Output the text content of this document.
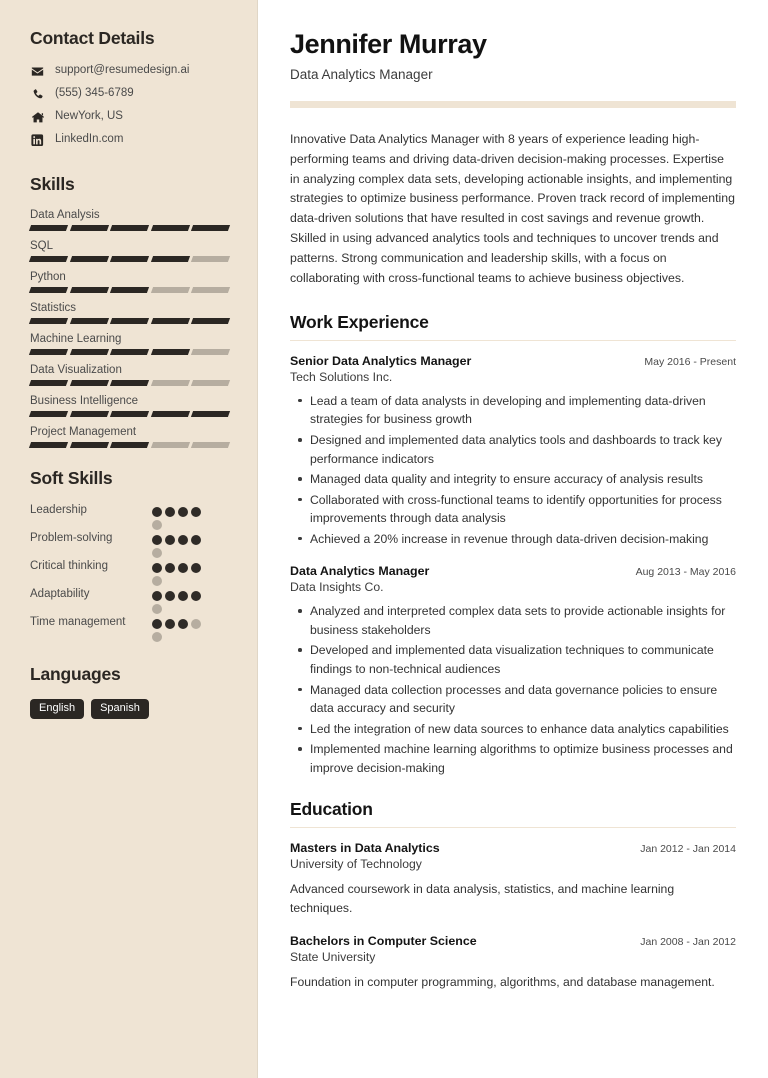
Contact Details
support@resumedesign.ai
(555) 345-6789
NewYork, US
LinkedIn.com
Skills
Data Analysis
SQL
Python
Statistics
Machine Learning
Data Visualization
Business Intelligence
Project Management
Soft Skills
Leadership
Problem-solving
Critical thinking
Adaptability
Time management
Languages
English	Spanish
Jennifer Murray
Data Analytics Manager

Innovative Data Analytics Manager with 8 years of experience leading high-performing teams and driving data-driven decision-making processes. Expertise in analyzing complex data sets, developing actionable insights, and implementing strategies to optimize business performance. Proven track record of implementing data-driven solutions that have resulted in cost savings and revenue growth. Skilled in using advanced analytics tools and techniques to uncover trends and patterns. Strong communication and leadership skills, with a focus on collaborating with cross-functional teams to achieve business objectives.

Work Experience
Senior Data Analytics Manager	May 2016 - Present
Tech Solutions Inc.
Lead a team of data analysts in developing and implementing data-driven strategies for business growth
Designed and implemented data analytics tools and dashboards to track key performance indicators
Managed data quality and integrity to ensure accuracy of analysis results
Collaborated with cross-functional teams to identify opportunities for process improvements through data analysis
Achieved a 20% increase in revenue through data-driven decision-making
Data Analytics Manager	Aug 2013 - May 2016
Data Insights Co.
Analyzed and interpreted complex data sets to provide actionable insights for business stakeholders
Developed and implemented data visualization techniques to communicate findings to non-technical audiences
Managed data collection processes and data governance policies to ensure data accuracy and security
Led the integration of new data sources to enhance data analytics capabilities
Implemented machine learning algorithms to optimize business processes and improve decision-making
Education
Masters in Data Analytics	Jan 2012 - Jan 2014
University of Technology
Advanced coursework in data analysis, statistics, and machine learning techniques.
Bachelors in Computer Science	Jan 2008 - Jan 2012
State University
Foundation in computer programming, algorithms, and database management.
